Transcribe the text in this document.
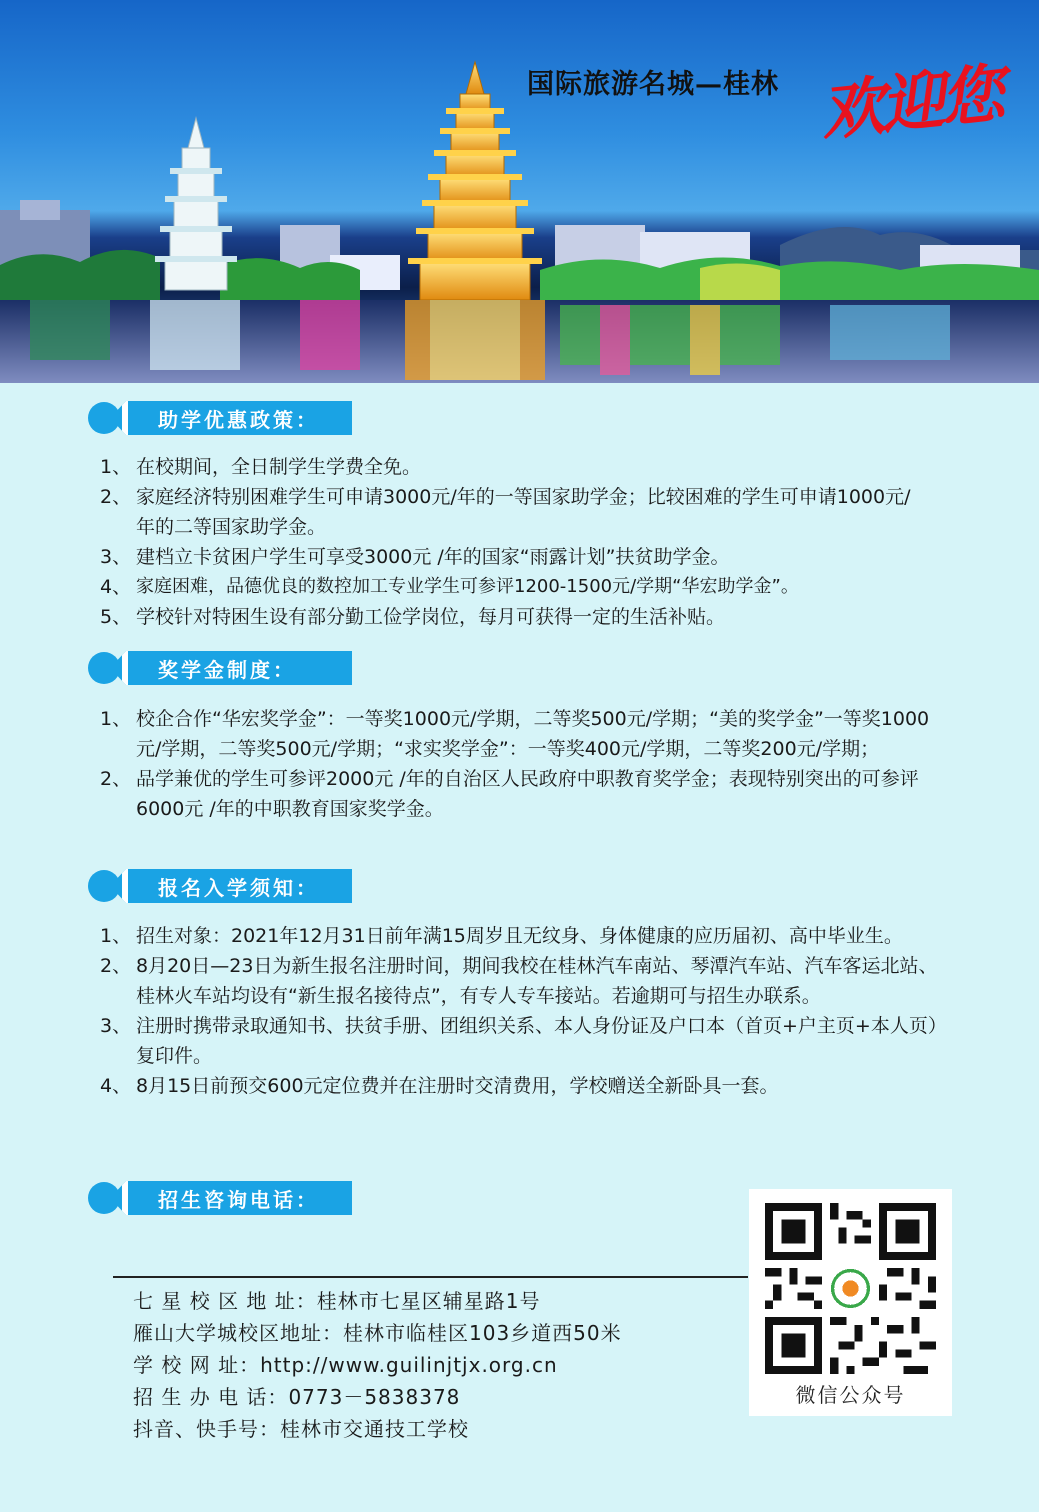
国际旅游名城—桂林 欢迎您
助学优惠政策：
1、 在校期间，全日制学生学费全免。
2、 家庭经济特别困难学生可申请3000元/年的一等国家助学金；比较困难的学生可申请1000元/年的二等国家助学金。
3、 建档立卡贫困户学生可享受3000元 /年的国家“雨露计划”扶贫助学金。
4、 家庭困难，品德优良的数控加工专业学生可参评1200-1500元/学期“华宏助学金”。
5、 学校针对特困生设有部分勤工俭学岗位，每月可获得一定的生活补贴。
奖学金制度：
1、 校企合作“华宏奖学金”：一等奖1000元/学期，二等奖500元/学期；“美的奖学金”一等奖1000元/学期，二等奖500元/学期；“求实奖学金”：一等奖400元/学期，二等奖200元/学期；
2、 品学兼优的学生可参评2000元 /年的自治区人民政府中职教育奖学金；表现特别突出的可参评6000元 /年的中职教育国家奖学金。
报名入学须知：
1、 招生对象：2021年12月31日前年满15周岁且无纹身、身体健康的应历届初、高中毕业生。
2、 8月20日—23日为新生报名注册时间，期间我校在桂林汽车南站、琴潭汽车站、汽车客运北站、桂林火车站均设有“新生报名接待点”，有专人专车接站。若逾期可与招生办联系。
3、 注册时携带录取通知书、扶贫手册、团组织关系、本人身份证及户口本（首页+户主页+本人页）复印件。
4、 8月15日前预交600元定位费并在注册时交清费用，学校赠送全新卧具一套。
招生咨询电话：
七 星 校 区 地 址：桂林市七星区辅星路1号
雁山大学城校区地址：桂林市临桂区103乡道西50米
学 校 网 址：http://www.guilinjtjx.org.cn
招 生 办 电 话：0773－5838378
抖音、快手号：桂林市交通技工学校
微信公众号
